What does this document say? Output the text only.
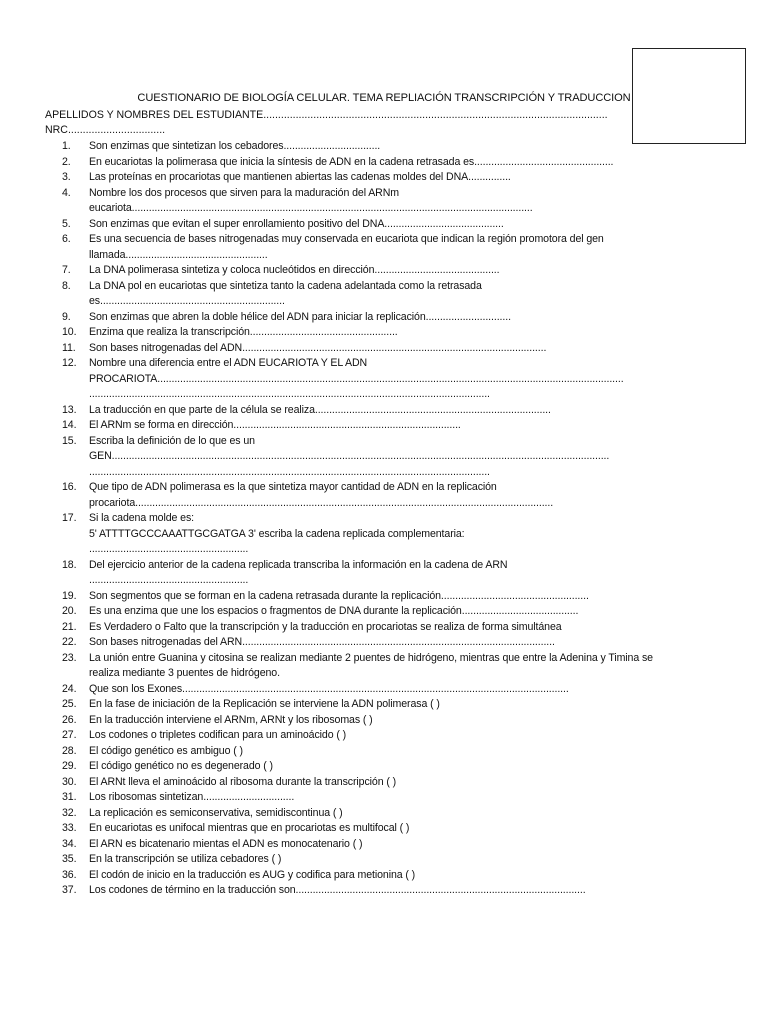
CUESTIONARIO DE BIOLOGÍA CELULAR. TEMA REPLIACIÓN TRANSCRIPCIÓN Y TRADUCCION
APELLIDOS Y NOMBRES DEL ESTUDIANTE.....................................................................................................................
NRC.................................
1. Son enzimas que sintetizan los cebadores..................................
2. En eucariotas la polimerasa que inicia la síntesis de ADN en la cadena retrasada es.................................................
3. Las proteínas en procariotas que mantienen abiertas las cadenas moldes del DNA...............
4. Nombre los dos procesos que sirven para la maduración del ARNm
eucariota.............................................................................................................................................
5. Son enzimas que evitan el super enrollamiento positivo del DNA..........................................
6. Es una secuencia de bases nitrogenadas muy conservada en eucariota que indican la región promotora del gen
llamada..................................................
7. La DNA polimerasa sintetiza y coloca nucleótidos en dirección............................................
8. La DNA pol en eucariotas que sintetiza tanto la cadena adelantada como la retrasada
es.................................................................
9. Son enzimas que abren la doble hélice del ADN para iniciar la replicación..............................
10. Enzima que realiza la transcripción....................................................
11. Son bases nitrogenadas del ADN...........................................................................................................
12. Nombre una diferencia entre el ADN EUCARIOTA Y EL ADN
PROCARIOTA....................................................................................................................................................................
.............................................................................................................................................
13. La traducción en que parte de la célula se realiza...................................................................................
14. El ARNm se forma en dirección................................................................................
15. Escriba la definición de lo que es un
GEN...............................................................................................................................................................................
.............................................................................................................................................
16. Que tipo de ADN polimerasa es la que sintetiza mayor cantidad de ADN en la replicación
procariota...................................................................................................................................................
17. Si la cadena molde es:
5' ATTTTGCCCAAATTGCGATGA 3' escriba la cadena replicada complementaria:
........................................................
18. Del ejercicio anterior de la cadena replicada transcriba la información en la cadena de ARN
........................................................
19. Son segmentos que se forman en la cadena retrasada durante la replicación....................................................
20. Es una enzima que une los espacios o fragmentos de DNA durante la replicación.........................................
21. Es Verdadero o Falto que la transcripción y la traducción en procariotas se realiza de forma simultánea
22. Son bases nitrogenadas del ARN..............................................................................................................
23. La unión entre Guanina y citosina se realizan mediante 2 puentes de hidrógeno, mientras que entre la Adenina y Timina se
realiza mediante 3 puentes de hidrógeno.
24. Que son los Exones........................................................................................................................................
25. En la fase de iniciación de la Replicación se interviene la ADN polimerasa ( )
26. En la traducción interviene el ARNm, ARNt y los ribosomas ( )
27. Los codones o tripletes codifican para un aminoácido ( )
28. El código genético es ambiguo ( )
29. El código genético no es degenerado ( )
30. El ARNt lleva el aminoácido al ribosoma durante la transcripción ( )
31. Los ribosomas sintetizan................................
32. La replicación es semiconservativa, semidiscontinua ( )
33. En eucariotas es unifocal mientras que en procariotas es multifocal ( )
34. El ARN es bicatenario mientas el ADN es monocatenario ( )
35. En la transcripción se utiliza cebadores ( )
36. El codón de inicio en la traducción es AUG y codifica para metionina ( )
37. Los codones de término en la traducción son......................................................................................................
